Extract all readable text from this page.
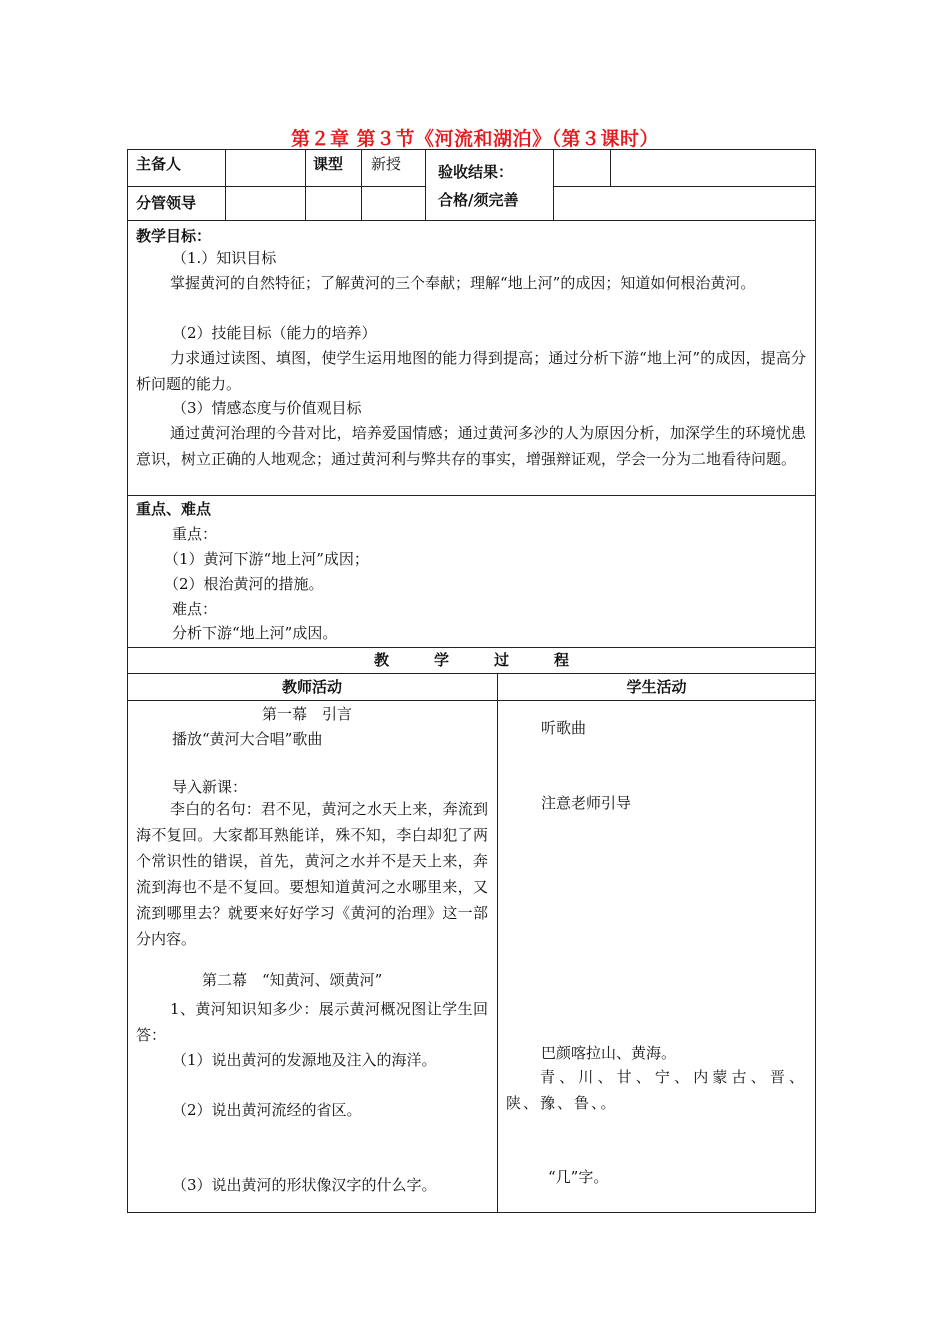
第２章 第３节《河流和湖泊》（第３课时）
主备人	课型 新授 验收结果：
合格/须完善
分管领导
教学目标：
（1.）知识目标
掌握黄河的自然特征；了解黄河的三个奉献；理解“地上河”的成因；知道如何根治黄河。
（2）技能目标（能力的培养）
力求通过读图、填图，使学生运用地图的能力得到提高；通过分析下游“地上河”的成因，提高分析问题的能力。
（3）情感态度与价值观目标
通过黄河治理的今昔对比，培养爱国情感；通过黄河多沙的人为原因分析，加深学生的环境忧患意识，树立正确的人地观念；通过黄河利与弊共存的事实，增强辩证观，学会一分为二地看待问题。
重点、难点
重点：
（1）黄河下游“地上河”成因；
（2）根治黄河的措施。
难点：
分析下游“地上河”成因。
教　　　学　　　过　　　程
教师活动	学生活动
第一幕　引言
播放“黄河大合唱”歌曲
导入新课：
李白的名句：君不见，黄河之水天上来，奔流到海不复回。大家都耳熟能详，殊不知，李白却犯了两个常识性的错误，首先，黄河之水并不是天上来，奔流到海也不是不复回。要想知道黄河之水哪里来，又流到哪里去？就要来好好学习《黄河的治理》这一部分内容。
第二幕　“知黄河、颂黄河”
1、黄河知识知多少：展示黄河概况图让学生回答：
（1）说出黄河的发源地及注入的海洋。
（2）说出黄河流经的省区。
（3）说出黄河的形状像汉字的什么字。
听歌曲
注意老师引导
巴颜喀拉山、黄海。
青、川、甘、宁、内蒙古、晋、陕、豫、鲁、。
“几”字。
